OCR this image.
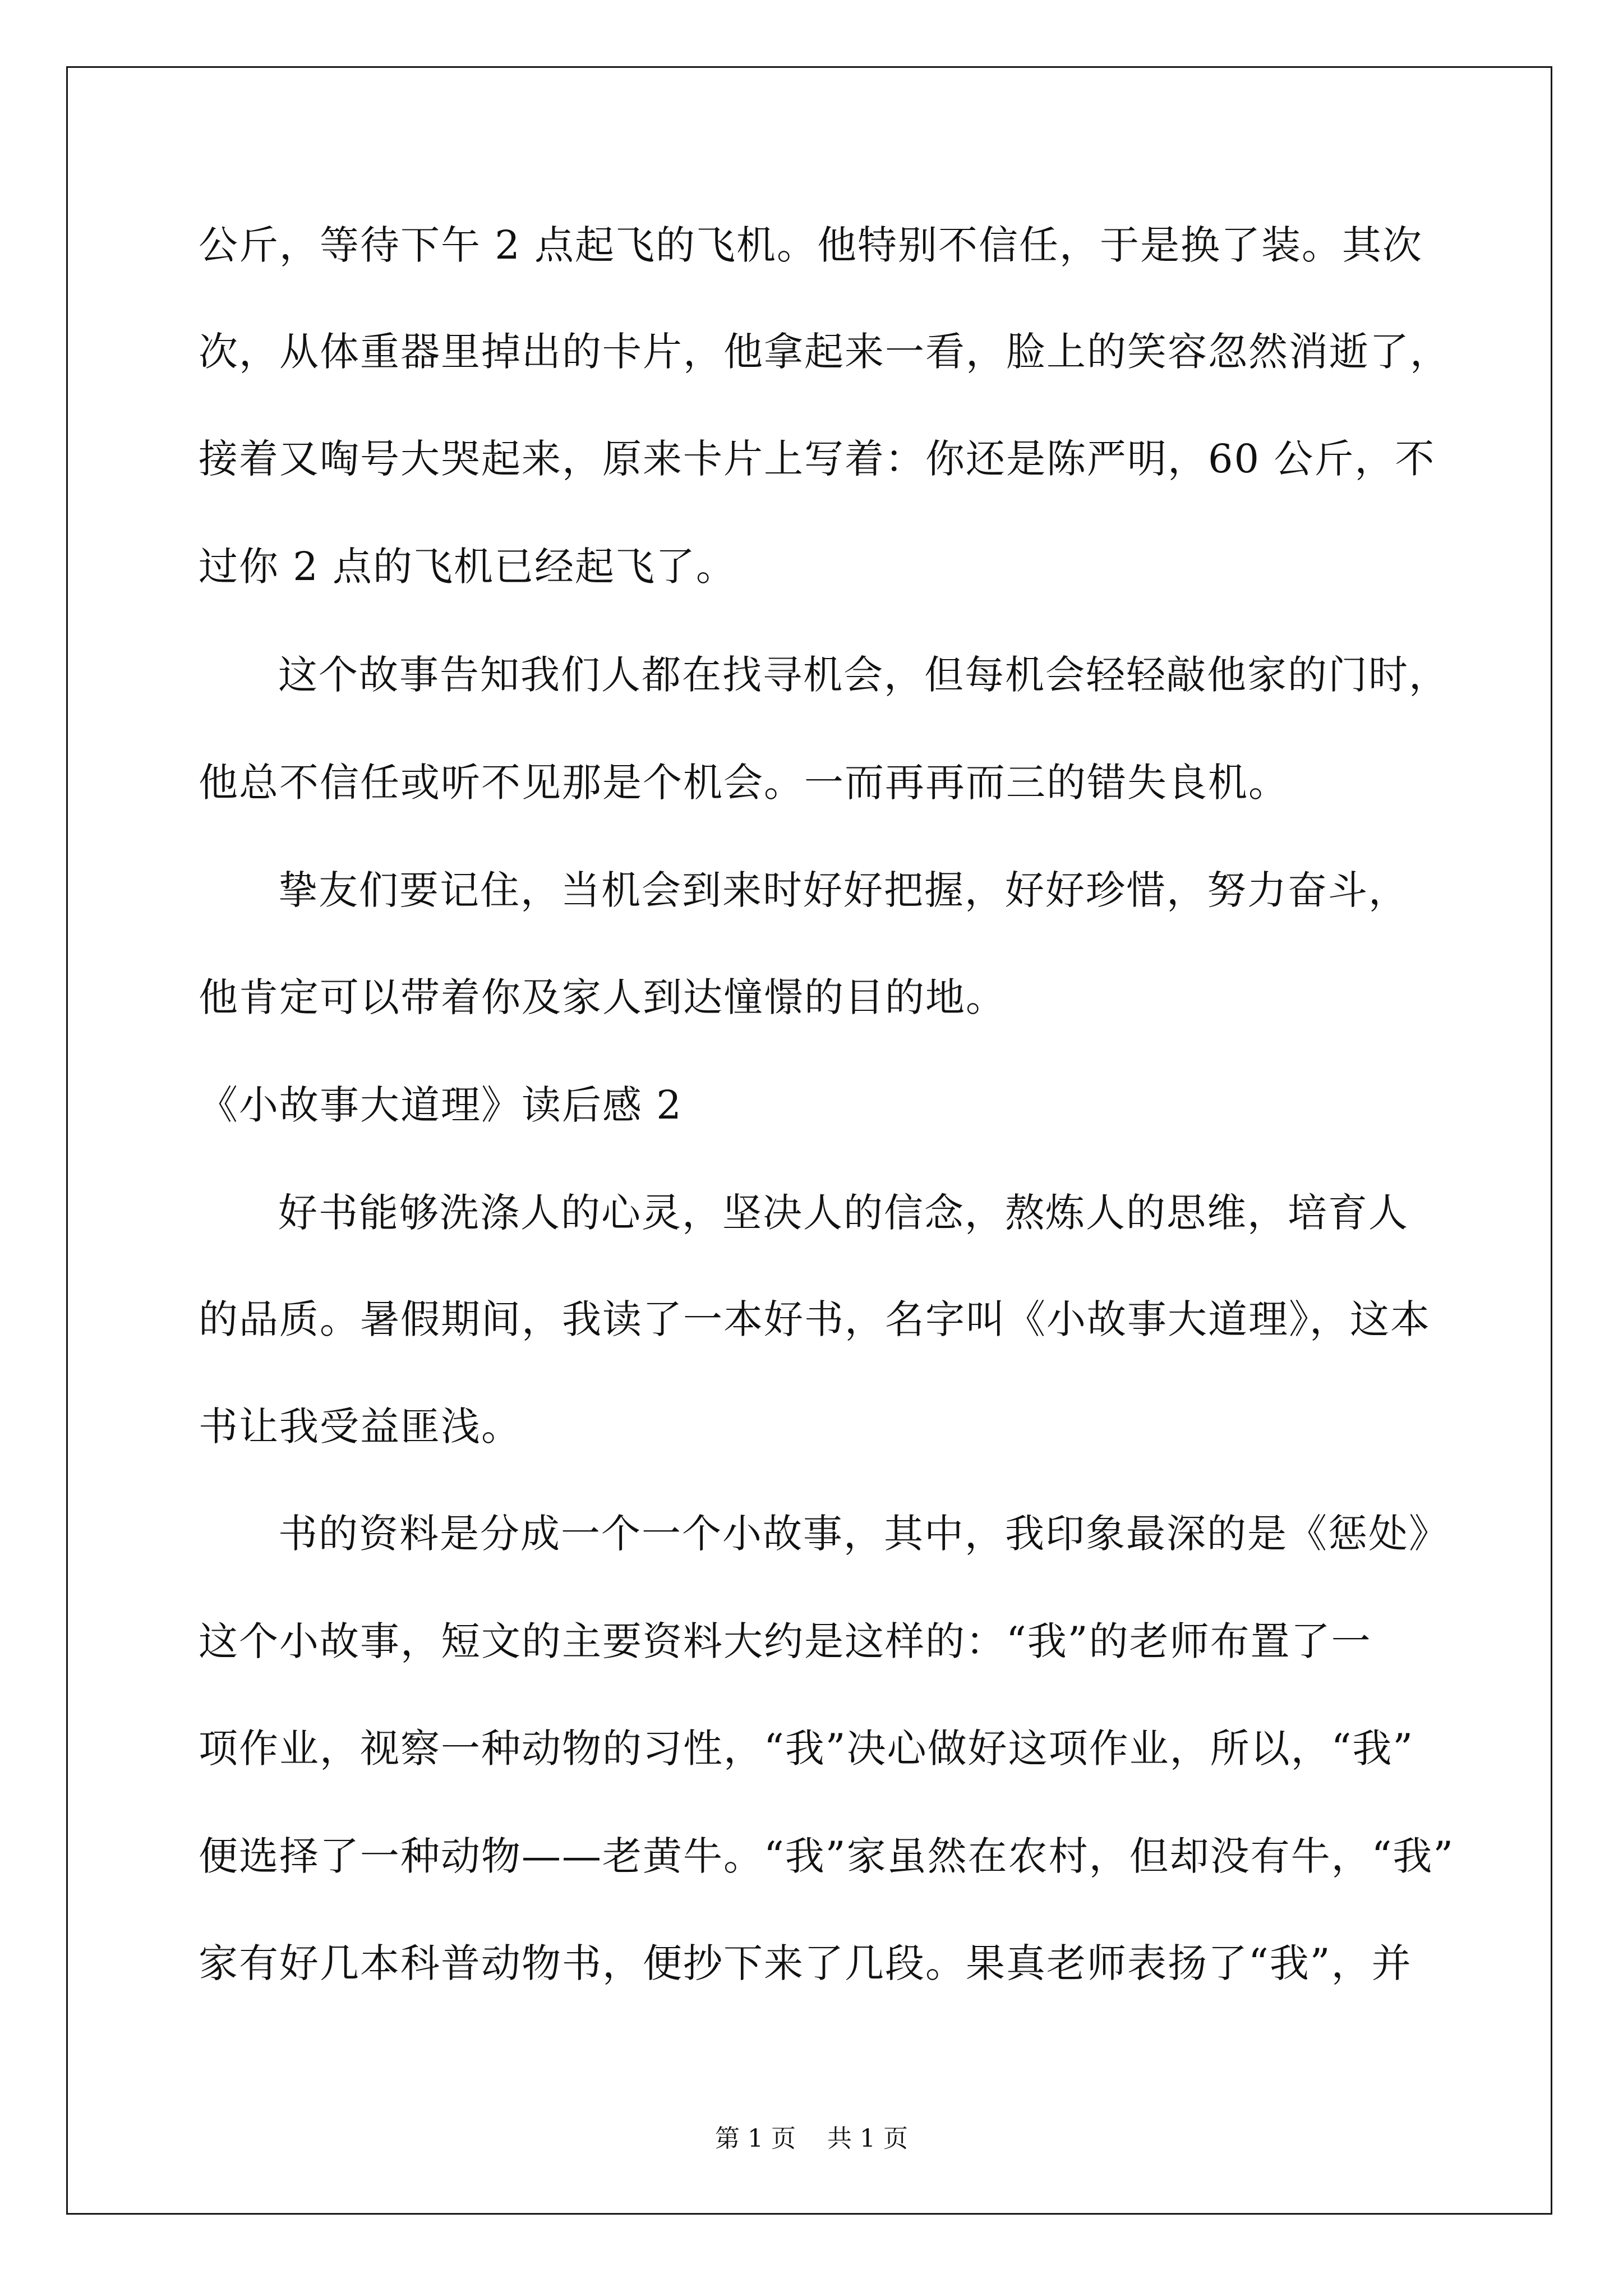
公斤，等待下午 2 点起飞的飞机。他特别不信任，于是换了装。其次
次，从体重器里掉出的卡片，他拿起来一看，脸上的笑容忽然消逝了，
接着又啕号大哭起来，原来卡片上写着：你还是陈严明，60 公斤，不
过你 2 点的飞机已经起飞了。
这个故事告知我们人都在找寻机会，但每机会轻轻敲他家的门时，
他总不信任或听不见那是个机会。一而再再而三的错失良机。
挚友们要记住，当机会到来时好好把握，好好珍惜，努力奋斗，
他肯定可以带着你及家人到达憧憬的目的地。
《小故事大道理》读后感 2
好书能够洗涤人的心灵，坚决人的信念，熬炼人的思维，培育人
的品质。暑假期间，我读了一本好书，名字叫《小故事大道理》，这本
书让我受益匪浅。
书的资料是分成一个一个小故事，其中，我印象最深的是《惩处》
这个小故事，短文的主要资料大约是这样的：“我”的老师布置了一
项作业，视察一种动物的习性，“我”决心做好这项作业，所以，“我”
便选择了一种动物——老黄牛。“我”家虽然在农村，但却没有牛，“我”
家有好几本科普动物书，便抄下来了几段。果真老师表扬了“我”，并
第 1 页 共 1 页
